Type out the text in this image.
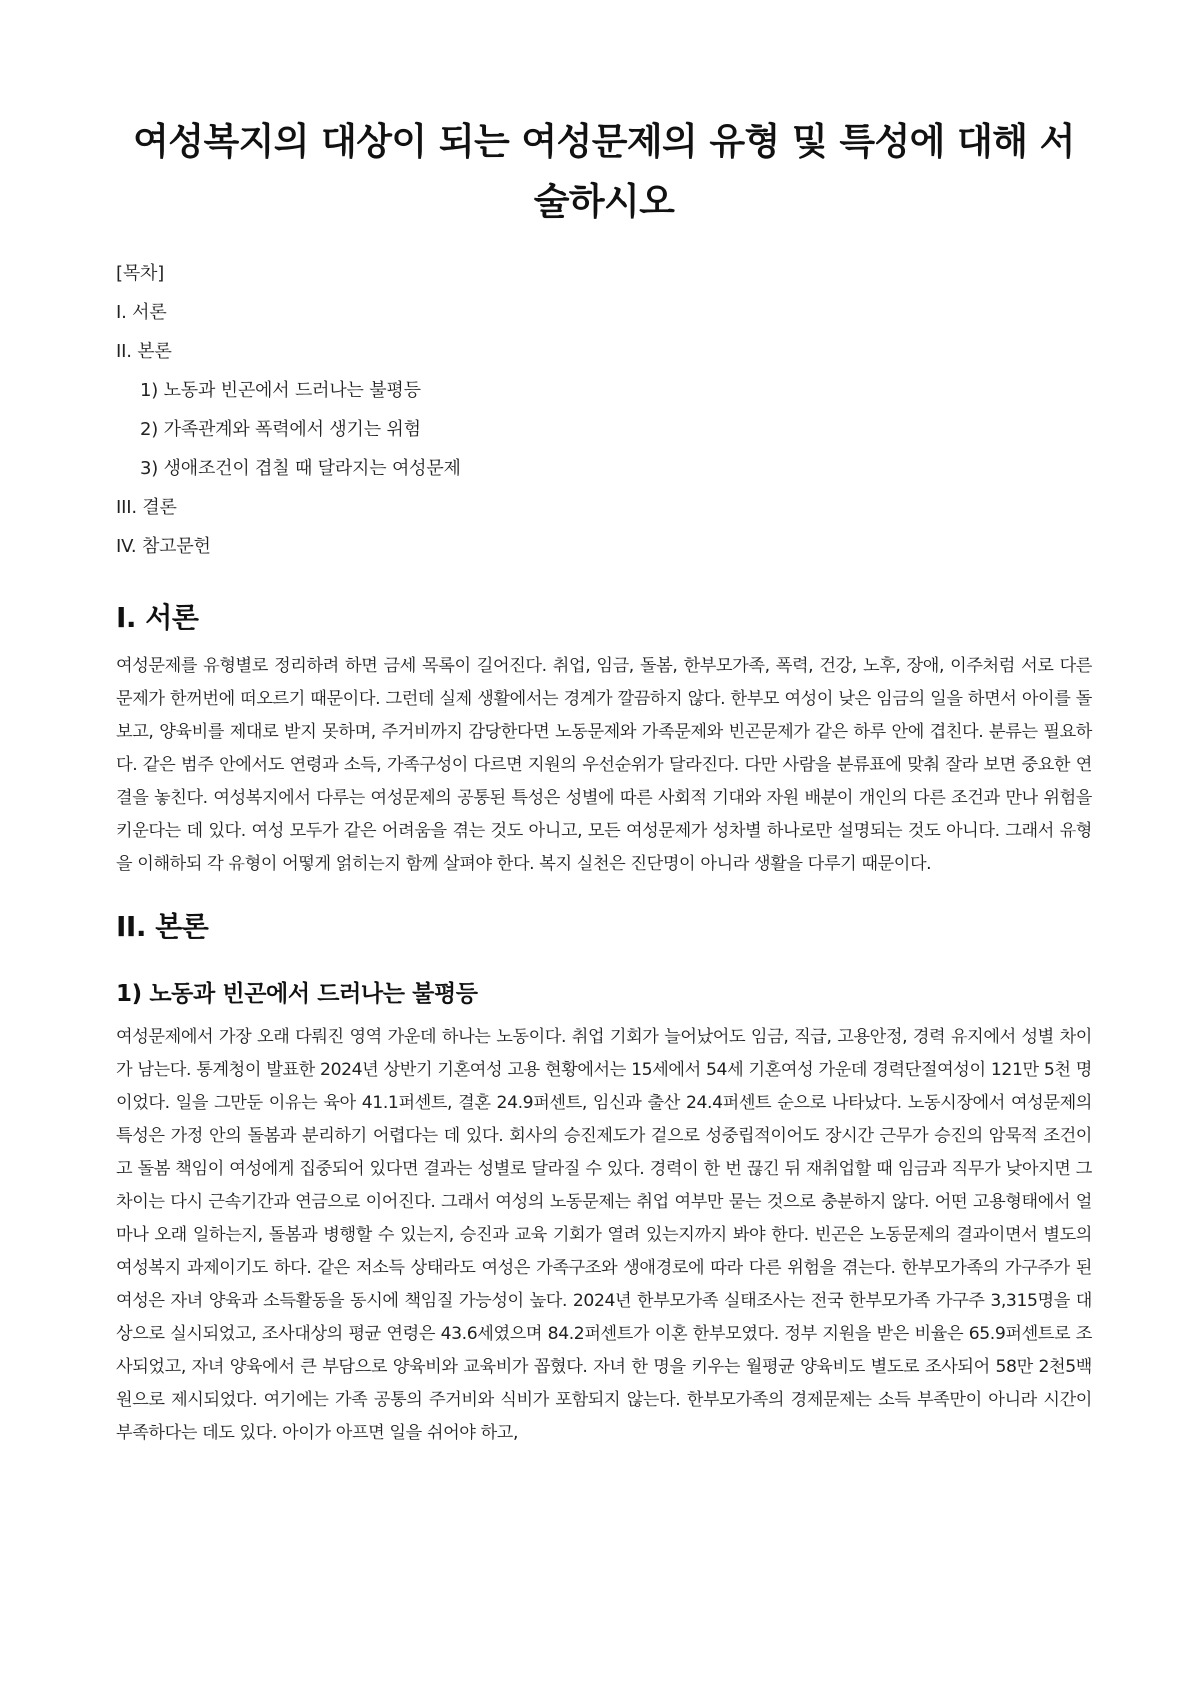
여성복지의 대상이 되는 여성문제의 유형 및 특성에 대해 서술하시오
[목차]
I. 서론
II. 본론
1) 노동과 빈곤에서 드러나는 불평등
2) 가족관계와 폭력에서 생기는 위험
3) 생애조건이 겹칠 때 달라지는 여성문제
III. 결론
IV. 참고문헌
I. 서론

여성문제를 유형별로 정리하려 하면 금세 목록이 길어진다. 취업, 임금, 돌봄, 한부모가족, 폭력, 건강, 노후, 장애, 이주처럼 서로 다른 문제가 한꺼번에 떠오르기 때문이다. 그런데 실제 생활에서는 경계가 깔끔하지 않다. 한부모 여성이 낮은 임금의 일을 하면서 아이를 돌보고, 양육비를 제대로 받지 못하며, 주거비까지 감당한다면 노동문제와 가족문제와 빈곤문제가 같은 하루 안에 겹친다. 분류는 필요하다. 같은 범주 안에서도 연령과 소득, 가족구성이 다르면 지원의 우선순위가 달라진다. 다만 사람을 분류표에 맞춰 잘라 보면 중요한 연결을 놓친다. 여성복지에서 다루는 여성문제의 공통된 특성은 성별에 따른 사회적 기대와 자원 배분이 개인의 다른 조건과 만나 위험을 키운다는 데 있다. 여성 모두가 같은 어려움을 겪는 것도 아니고, 모든 여성문제가 성차별 하나로만 설명되는 것도 아니다. 그래서 유형을 이해하되 각 유형이 어떻게 얽히는지 함께 살펴야 한다. 복지 실천은 진단명이 아니라 생활을 다루기 때문이다.

II. 본론
1) 노동과 빈곤에서 드러나는 불평등

여성문제에서 가장 오래 다뤄진 영역 가운데 하나는 노동이다. 취업 기회가 늘어났어도 임금, 직급, 고용안정, 경력 유지에서 성별 차이가 남는다. 통계청이 발표한 2024년 상반기 기혼여성 고용 현황에서는 15세에서 54세 기혼여성 가운데 경력단절여성이 121만 5천 명이었다. 일을 그만둔 이유는 육아 41.1퍼센트, 결혼 24.9퍼센트, 임신과 출산 24.4퍼센트 순으로 나타났다. 노동시장에서 여성문제의 특성은 가정 안의 돌봄과 분리하기 어렵다는 데 있다. 회사의 승진제도가 겉으로 성중립적이어도 장시간 근무가 승진의 암묵적 조건이고 돌봄 책임이 여성에게 집중되어 있다면 결과는 성별로 달라질 수 있다. 경력이 한 번 끊긴 뒤 재취업할 때 임금과 직무가 낮아지면 그 차이는 다시 근속기간과 연금으로 이어진다. 그래서 여성의 노동문제는 취업 여부만 묻는 것으로 충분하지 않다. 어떤 고용형태에서 얼마나 오래 일하는지, 돌봄과 병행할 수 있는지, 승진과 교육 기회가 열려 있는지까지 봐야 한다. 빈곤은 노동문제의 결과이면서 별도의 여성복지 과제이기도 하다. 같은 저소득 상태라도 여성은 가족구조와 생애경로에 따라 다른 위험을 겪는다. 한부모가족의 가구주가 된 여성은 자녀 양육과 소득활동을 동시에 책임질 가능성이 높다. 2024년 한부모가족 실태조사는 전국 한부모가족 가구주 3,315명을 대상으로 실시되었고, 조사대상의 평균 연령은 43.6세였으며 84.2퍼센트가 이혼 한부모였다. 정부 지원을 받은 비율은 65.9퍼센트로 조사되었고, 자녀 양육에서 큰 부담으로 양육비와 교육비가 꼽혔다. 자녀 한 명을 키우는 월평균 양육비도 별도로 조사되어 58만 2천5백 원으로 제시되었다. 여기에는 가족 공통의 주거비와 식비가 포함되지 않는다. 한부모가족의 경제문제는 소득 부족만이 아니라 시간이 부족하다는 데도 있다. 아이가 아프면 일을 쉬어야 하고,
